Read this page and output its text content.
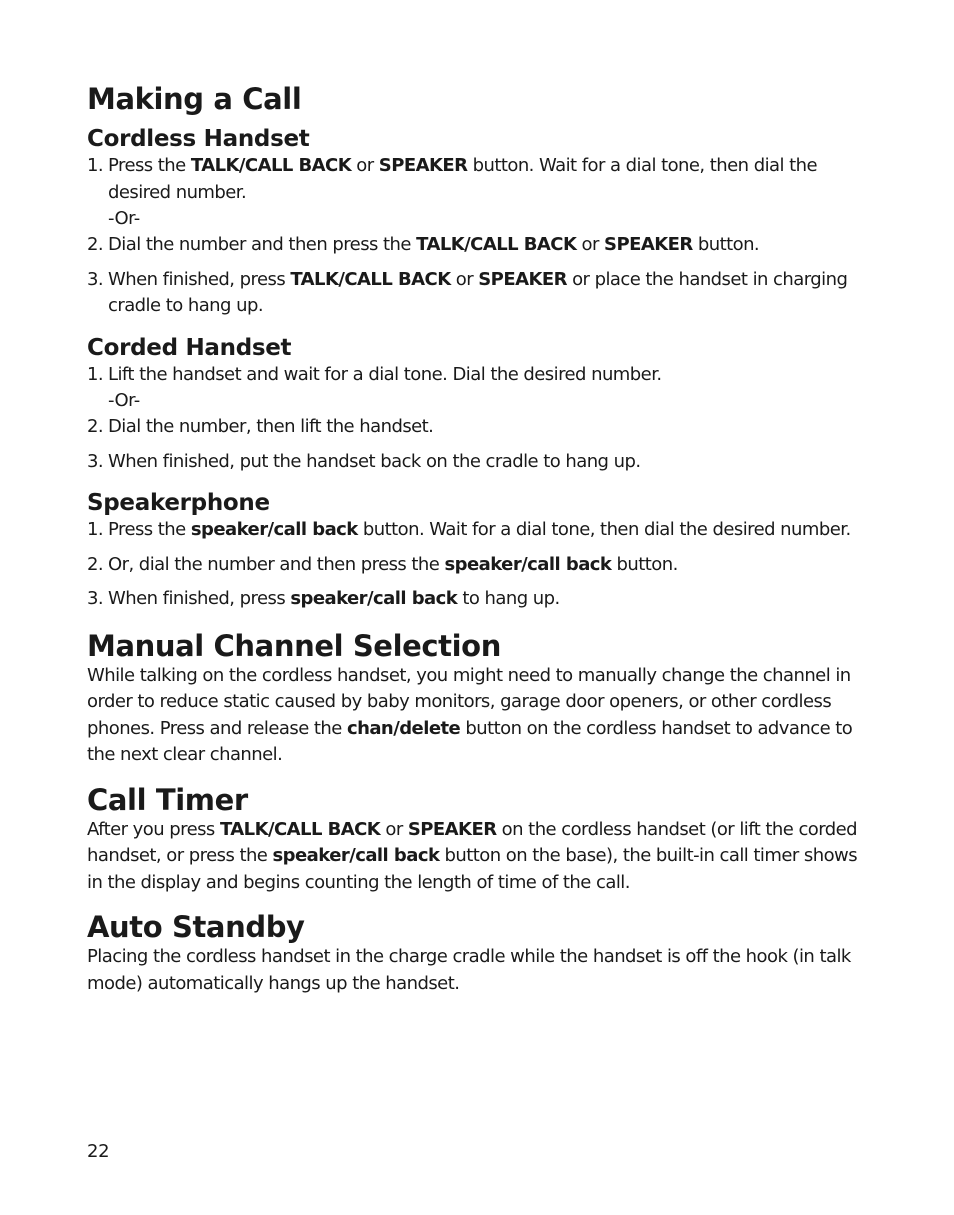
Making a Call
Cordless Handset
1. Press the TALK/CALL BACK or SPEAKER button. Wait for a dial tone, then dial the desired number.
-Or-
2. Dial the number and then press the TALK/CALL BACK or SPEAKER button.
3. When finished, press TALK/CALL BACK or SPEAKER or place the handset in charging cradle to hang up.
Corded Handset
1. Lift the handset and wait for a dial tone. Dial the desired number.
-Or-
2. Dial the number, then lift the handset.
3. When finished, put the handset back on the cradle to hang up.
Speakerphone
1. Press the speaker/call back button. Wait for a dial tone, then dial the desired number.
2. Or, dial the number and then press the speaker/call back button.
3. When finished, press speaker/call back to hang up.
Manual Channel Selection

While talking on the cordless handset, you might need to manually change the channel in order to reduce static caused by baby monitors, garage door openers, or other cordless phones. Press and release the chan/delete button on the cordless handset to advance to the next clear channel.

Call Timer

After you press TALK/CALL BACK or SPEAKER on the cordless handset (or lift the corded handset, or press the speaker/call back button on the base), the built-in call timer shows in the display and begins counting the length of time of the call.

Auto Standby

Placing the cordless handset in the charge cradle while the handset is off the hook (in talk mode) automatically hangs up the handset.

22
